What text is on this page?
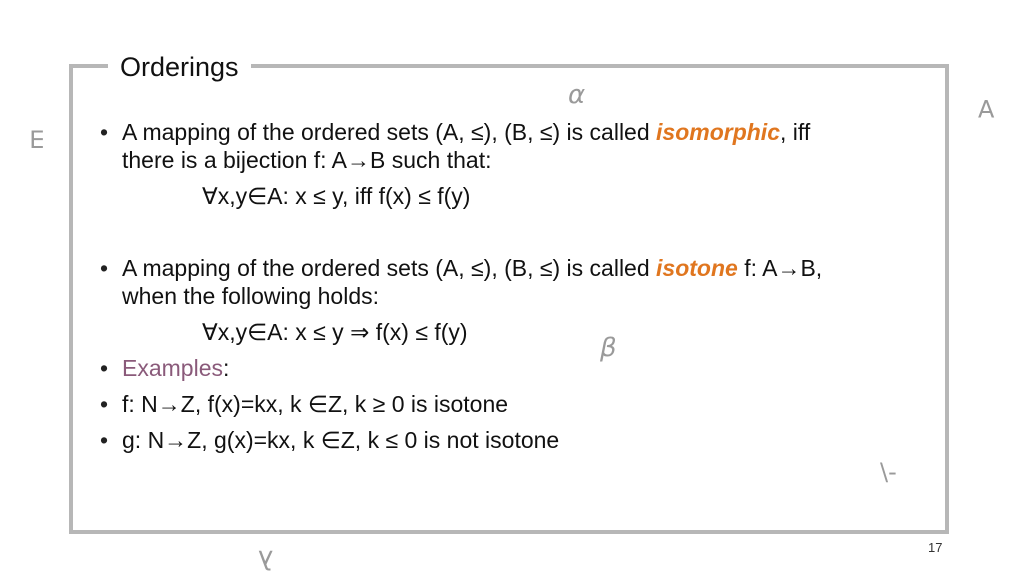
Orderings
α	∀
∃
β
λ
\-
• A mapping of the ordered sets (A, ≤), (B, ≤) is called isomorphic, iff
there is a bijection f: A→B such that:
∀x,y∈A: x ≤ y, iff f(x) ≤ f(y)
• A mapping of the ordered sets (A, ≤), (B, ≤) is called isotone f: A→B,
when the following holds:
∀x,y∈A: x ≤ y ⇒ f(x) ≤ f(y)
• Examples:
• f: N→Z, f(x)=kx, k ∈Z, k ≥ 0 is isotone
• g: N→Z, g(x)=kx, k ∈Z, k ≤ 0 is not isotone
17
